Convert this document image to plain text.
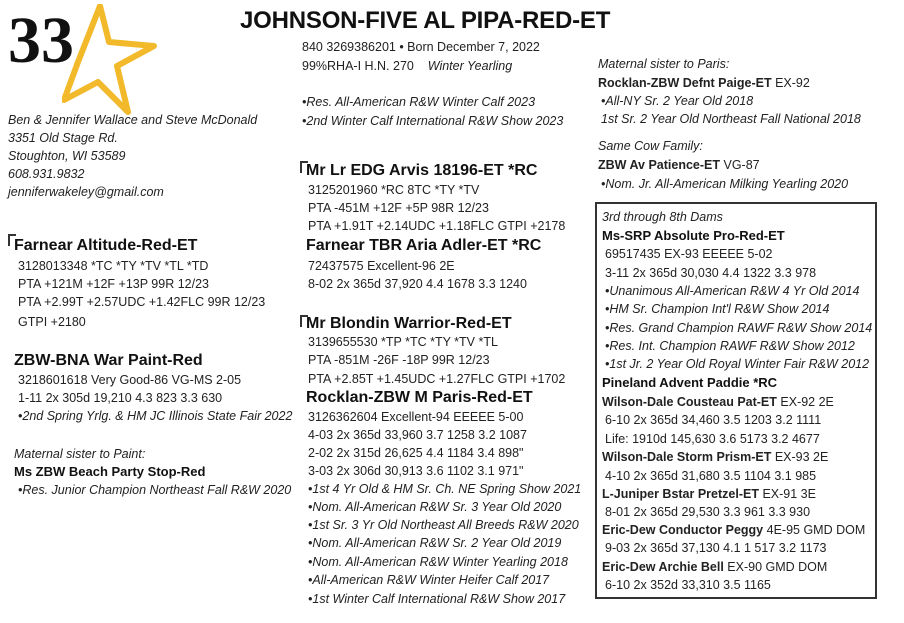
33	JOHNSON-FIVE AL PIPA-RED-ET
840 3269386201 • Born December 7, 2022
99%RHA-I H.N. 270 Winter Yearling
•Res. All-American R&W Winter Calf 2023
•2nd Winter Calf International R&W Show 2023
Ben & Jennifer Wallace and Steve McDonald
3351 Old Stage Rd.
Stoughton, WI 53589
608.931.9832
jenniferwakeley@gmail.com
Farnear Altitude-Red-ET
3128013348 *TC *TY *TV *TL *TD
PTA +121M +12F +13P 99R 12/23
PTA +2.99T +2.57UDC +1.42FLC 99R 12/23
GTPI +2180
ZBW-BNA War Paint-Red
3218601618 Very Good-86 VG-MS 2-05
1-11 2x 305d 19,210 4.3 823 3.3 630
•2nd Spring Yrlg. & HM JC Illinois State Fair 2022
Maternal sister to Paint:
Ms ZBW Beach Party Stop-Red
•Res. Junior Champion Northeast Fall R&W 2020
Mr Lr EDG Arvis 18196-ET *RC
3125201960 *RC 8TC *TY *TV
PTA -451M +12F +5P 98R 12/23
PTA +1.91T +2.14UDC +1.18FLC GTPI +2178
Farnear TBR Aria Adler-ET *RC
72437575 Excellent-96 2E
8-02 2x 365d 37,920 4.4 1678 3.3 1240
Mr Blondin Warrior-Red-ET
3139655530 *TP *TC *TY *TV *TL
PTA -851M -26F -18P 99R 12/23
PTA +2.85T +1.45UDC +1.27FLC GTPI +1702
Rocklan-ZBW M Paris-Red-ET
3126362604 Excellent-94 EEEEE 5-00
4-03 2x 365d 33,960 3.7 1258 3.2 1087
2-02 2x 315d 26,625 4.4 1184 3.4 898"
3-03 2x 306d 30,913 3.6 1102 3.1 971"
•1st 4 Yr Old & HM Sr. Ch. NE Spring Show 2021
•Nom. All-American R&W Sr. 3 Year Old 2020
•1st Sr. 3 Yr Old Northeast All Breeds R&W 2020
•Nom. All-American R&W Sr. 2 Year Old 2019
•Nom. All-American R&W Winter Yearling 2018
•All-American R&W Winter Heifer Calf 2017
•1st Winter Calf International R&W Show 2017
Maternal sister to Paris:
Rocklan-ZBW Defnt Paige-ET EX-92
•All-NY Sr. 2 Year Old 2018
1st Sr. 2 Year Old Northeast Fall National 2018
Same Cow Family:
ZBW Av Patience-ET VG-87
•Nom. Jr. All-American Milking Yearling 2020
3rd through 8th Dams
Ms-SRP Absolute Pro-Red-ET
69517435 EX-93 EEEEE 5-02
3-11 2x 365d 30,030 4.4 1322 3.3 978
•Unanimous All-American R&W 4 Yr Old 2014
•HM Sr. Champion Int'l R&W Show 2014
•Res. Grand Champion RAWF R&W Show 2014
•Res. Int. Champion RAWF R&W Show 2012
•1st Jr. 2 Year Old Royal Winter Fair R&W 2012
Pineland Advent Paddie *RC
Wilson-Dale Cousteau Pat-ET EX-92 2E
6-10 2x 365d 34,460 3.5 1203 3.2 1111
Life: 1910d 145,630 3.6 5173 3.2 4677
Wilson-Dale Storm Prism-ET EX-93 2E
4-10 2x 365d 31,680 3.5 1104 3.1 985
L-Juniper Bstar Pretzel-ET EX-91 3E
8-01 2x 365d 29,530 3.3 961 3.3 930
Eric-Dew Conductor Peggy 4E-95 GMD DOM
9-03 2x 365d 37,130 4.1 1 517 3.2 1173
Eric-Dew Archie Bell EX-90 GMD DOM
6-10 2x 352d 33,310 3.5 1165
